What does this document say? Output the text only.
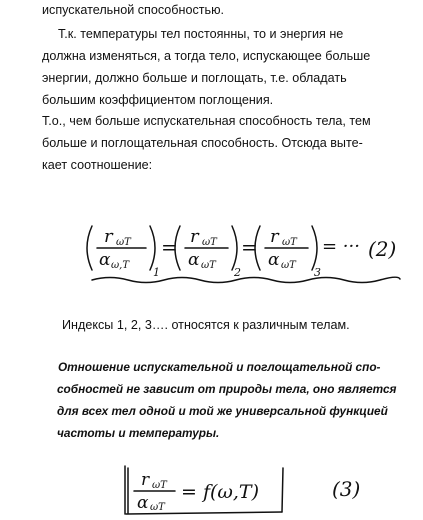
испускательной способностью.
Т.к. температуры тел постоянны, то и энергия не
должна изменяться, а тогда тело, испускающее больше
энергии, должно больше и поглощать, т.е. обладать
большим коэффициентом поглощения.
Т.о., чем больше испускательная способность тела, тем
больше и поглощательная способность. Отсюда выте-
кает соотношение:
r ωT
α ω,T
1
= r ωT
α ωT
2
= r ωT
α ωT
3
= ··· (2)
Индексы 1, 2, 3…. относятся к различным телам.
Отношение испускательной и поглощательной спо-
собностей не зависит от природы тела, оно является
для всех тел одной и той же универсальной функцией
частоты и температуры.
r ωT
α ωT
= f(ω,T)	(3)
